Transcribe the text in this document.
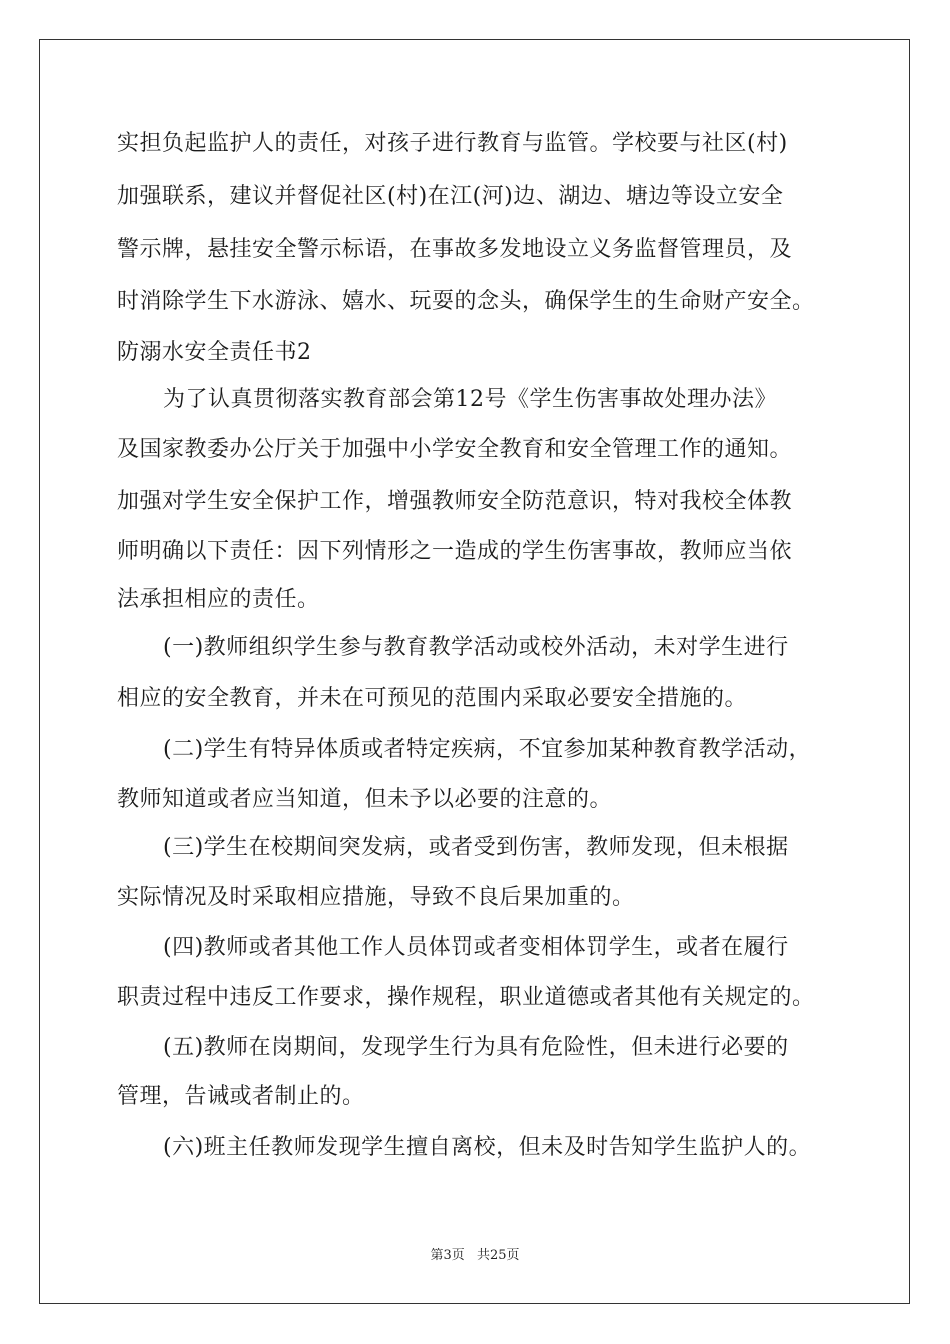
实担负起监护人的责任，对孩子进行教育与监管。学校要与社区(村)
加强联系，建议并督促社区(村)在江(河)边、湖边、塘边等设立安全
警示牌，悬挂安全警示标语，在事故多发地设立义务监督管理员，及
时消除学生下水游泳、嬉水、玩耍的念头，确保学生的生命财产安全。
防溺水安全责任书2
为了认真贯彻落实教育部会第12号《学生伤害事故处理办法》
及国家教委办公厅关于加强中小学安全教育和安全管理工作的通知。
加强对学生安全保护工作，增强教师安全防范意识，特对我校全体教
师明确以下责任：因下列情形之一造成的学生伤害事故，教师应当依
法承担相应的责任。
(一)教师组织学生参与教育教学活动或校外活动，未对学生进行
相应的安全教育，并未在可预见的范围内采取必要安全措施的。
(二)学生有特异体质或者特定疾病，不宜参加某种教育教学活动，
教师知道或者应当知道，但未予以必要的注意的。
(三)学生在校期间突发病，或者受到伤害，教师发现，但未根据
实际情况及时采取相应措施，导致不良后果加重的。
(四)教师或者其他工作人员体罚或者变相体罚学生，或者在履行
职责过程中违反工作要求，操作规程，职业道德或者其他有关规定的。
(五)教师在岗期间，发现学生行为具有危险性，但未进行必要的
管理，告诫或者制止的。
(六)班主任教师发现学生擅自离校，但未及时告知学生监护人的。
第3页 共25页
